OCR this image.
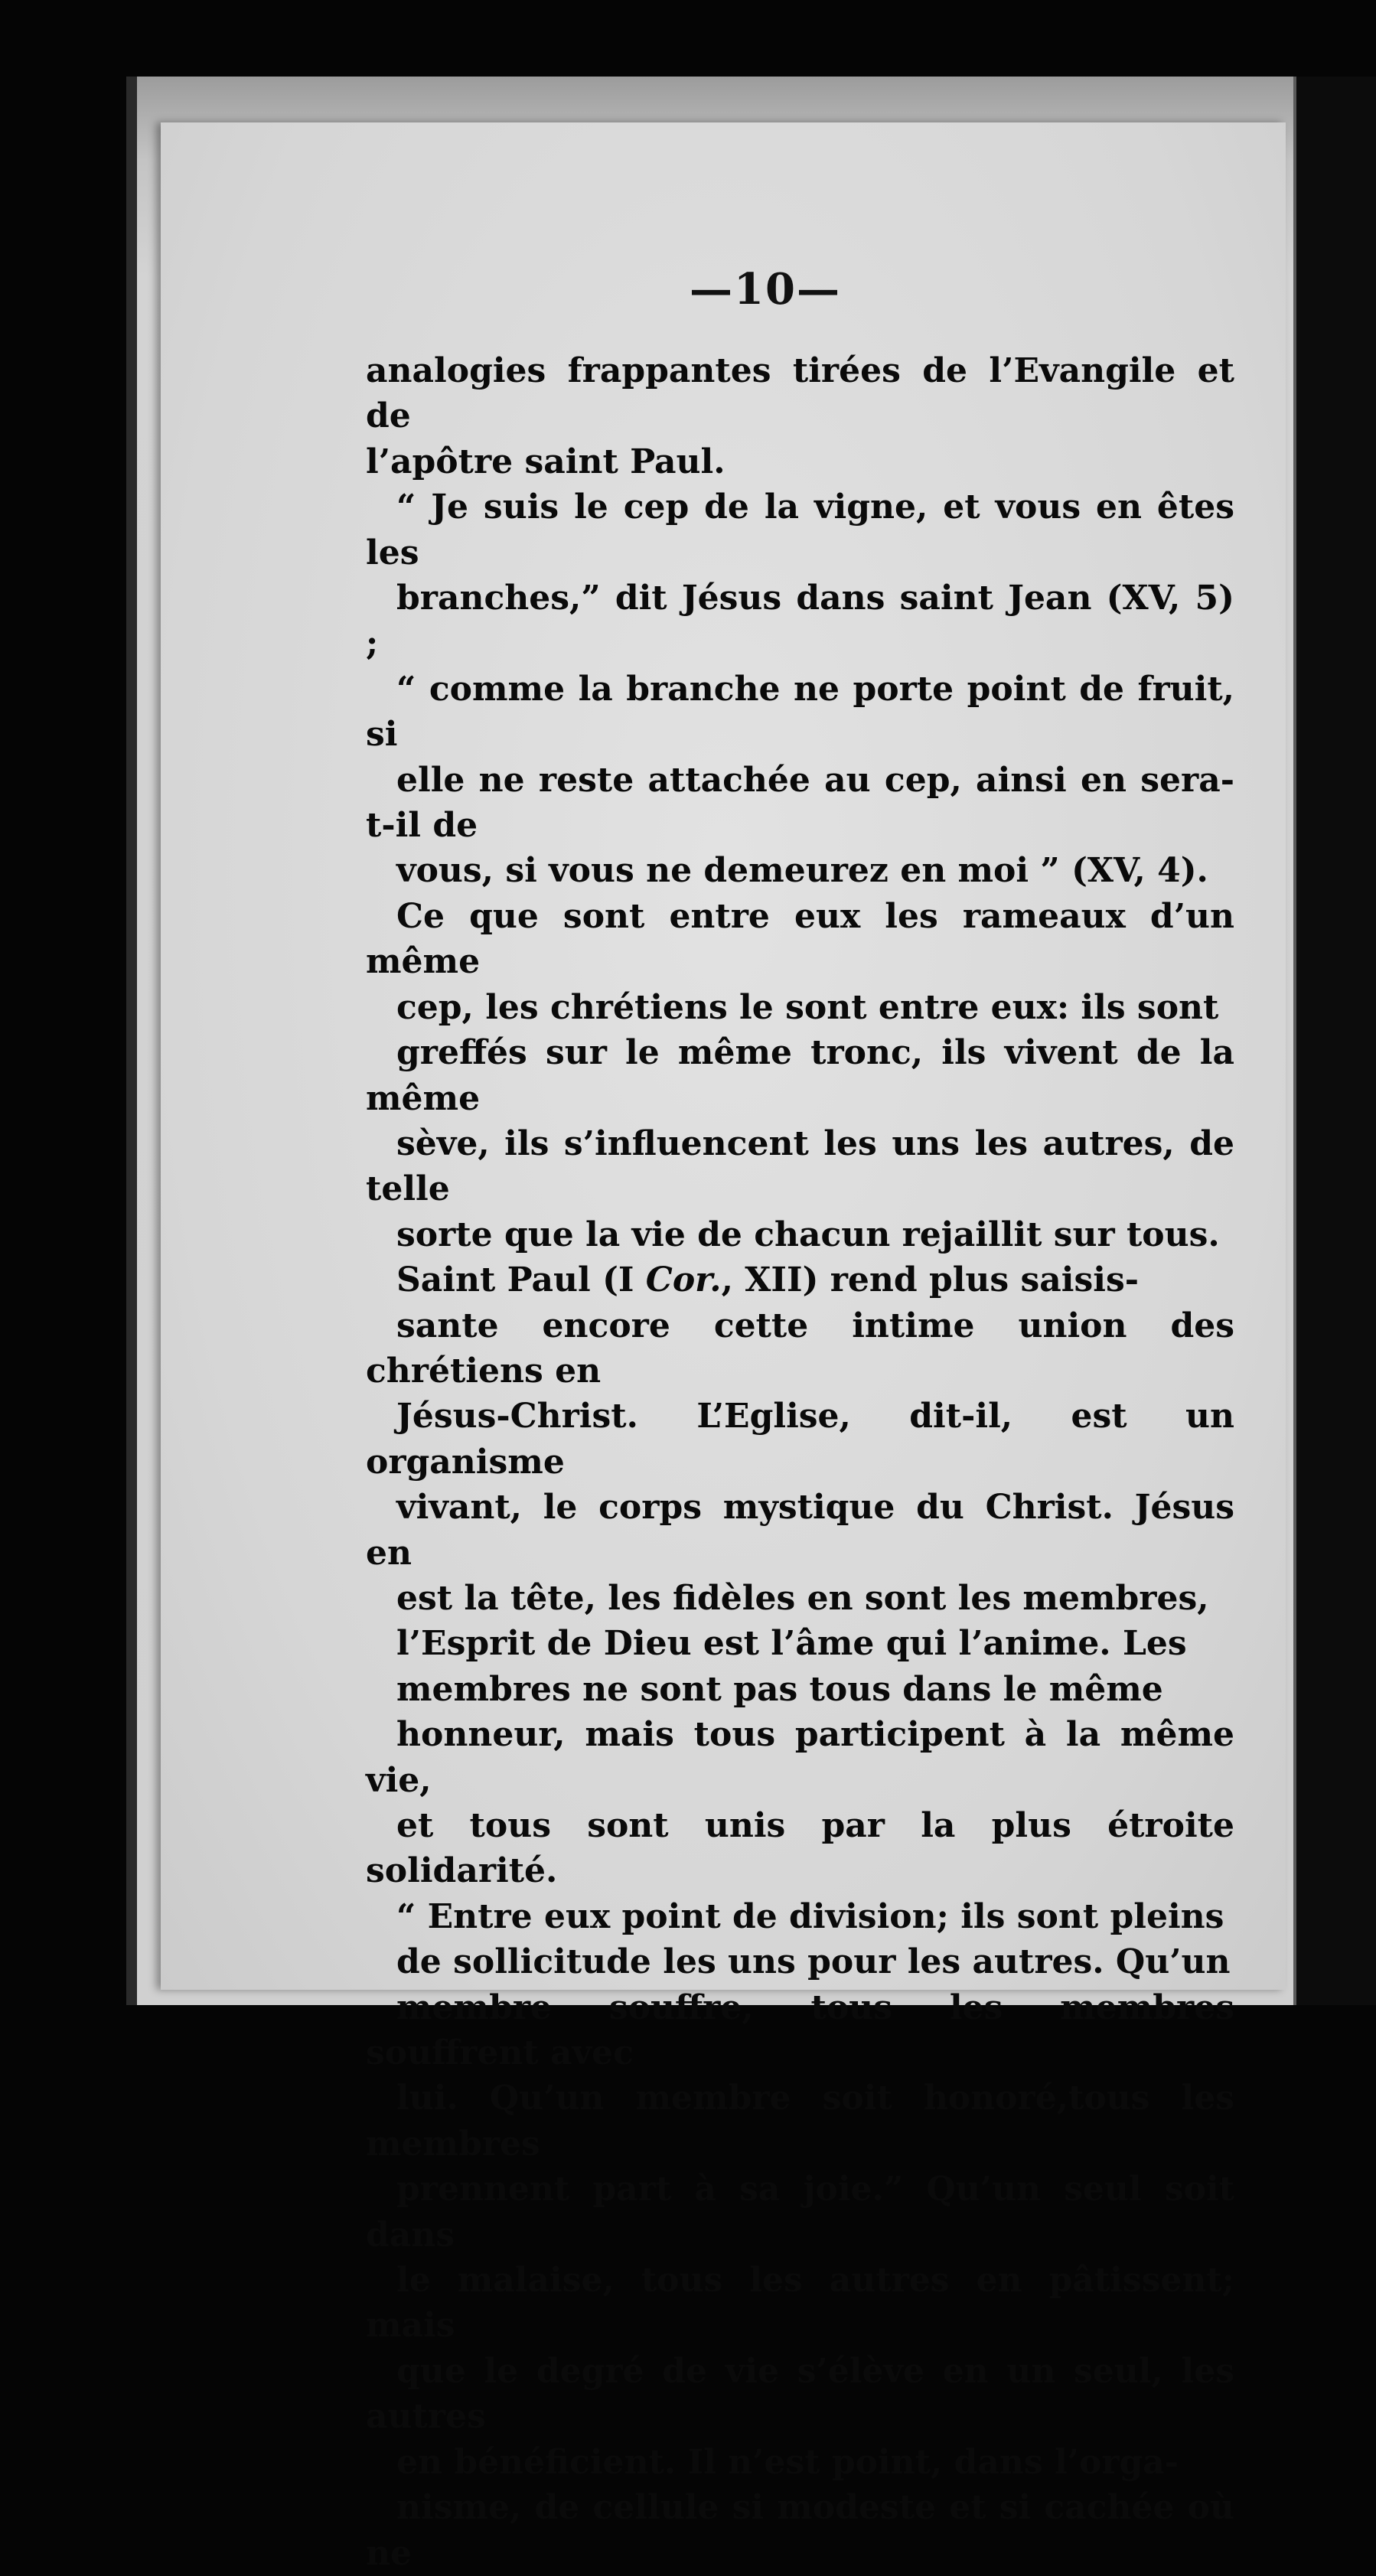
—10—

analogies frappantes tirées de l’Evangile et de
l’apôtre saint Paul.

“ Je suis le cep de la vigne, et vous en êtes les
branches,” dit Jésus dans saint Jean (XV, 5) ;
“ comme la branche ne porte point de fruit, si
elle ne reste attachée au cep, ainsi en sera-t-il de
vous, si vous ne demeurez en moi ” (XV, 4).
Ce que sont entre eux les rameaux d’un même
cep, les chrétiens le sont entre eux: ils sont
greffés sur le même tronc, ils vivent de la même
sève, ils s’influencent les uns les autres, de telle
sorte que la vie de chacun rejaillit sur tous.

Saint Paul (I Cor., XII) rend plus saisis-
sante encore cette intime union des chrétiens en
Jésus-Christ. L’Eglise, dit-il, est un organisme
vivant, le corps mystique du Christ. Jésus en
est la tête, les fidèles en sont les membres,
l’Esprit de Dieu est l’âme qui l’anime. Les
membres ne sont pas tous dans le même
honneur, mais tous participent à la même vie,
et tous sont unis par la plus étroite solidarité.
“ Entre eux point de division; ils sont pleins
de sollicitude les uns pour les autres. Qu’un
membre souffre, tous les membres souffrent avec
lui. Qu’un membre soit honoré,tous les membres
prennent part à sa joie.” Qu’un seul soit dans
le malaise, tous les autres en pâtissent; mais
que le degré de vie s’élève en un seul, les autres
en bénéficient. Il n’est point, dans l’orga-
nisme, de cellule si modeste et si cachée où ne
